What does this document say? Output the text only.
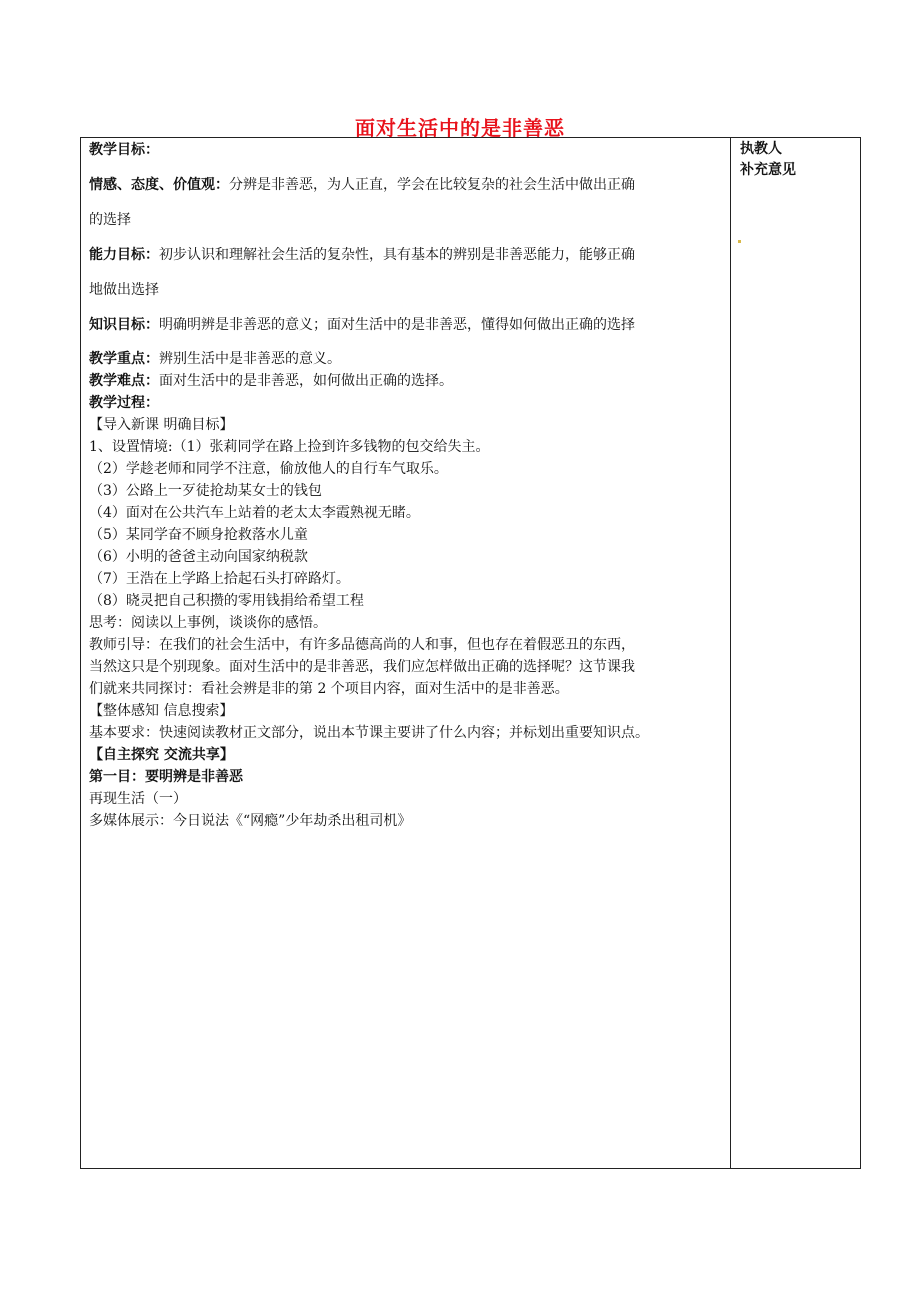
面对生活中的是非善恶
执教人
补充意见

教学目标：

情感、态度、价值观：分辨是非善恶，为人正直，学会在比较复杂的社会生活中做出正确

的选择

能力目标：初步认识和理解社会生活的复杂性，具有基本的辨别是非善恶能力，能够正确

地做出选择

知识目标：明确明辨是非善恶的意义；面对生活中的是非善恶，懂得如何做出正确的选择

教学重点：辨别生活中是非善恶的意义。

教学难点：面对生活中的是非善恶，如何做出正确的选择。

教学过程：

【导入新课 明确目标】

1、设置情境:（1）张莉同学在路上捡到许多钱物的包交给失主。

（2）学趁老师和同学不注意，偷放他人的自行车气取乐。

（3）公路上一歹徒抢劫某女士的钱包

（4）面对在公共汽车上站着的老太太李霞熟视无睹。

（5）某同学奋不顾身抢救落水儿童

（6）小明的爸爸主动向国家纳税款

（7）王浩在上学路上拾起石头打碎路灯。

（8）晓灵把自己积攒的零用钱捐给希望工程

思考：阅读以上事例，谈谈你的感悟。

教师引导：在我们的社会生活中，有许多品德高尚的人和事，但也存在着假恶丑的东西，

当然这只是个别现象。面对生活中的是非善恶，我们应怎样做出正确的选择呢？这节课我

们就来共同探讨：看社会辨是非的第 2 个项目内容，面对生活中的是非善恶。

【整体感知 信息搜索】

基本要求：快速阅读教材正文部分，说出本节课主要讲了什么内容；并标划出重要知识点。

【自主探究 交流共享】

第一目：要明辨是非善恶

再现生活（一）

多媒体展示：今日说法《“网瘾”少年劫杀出租司机》
